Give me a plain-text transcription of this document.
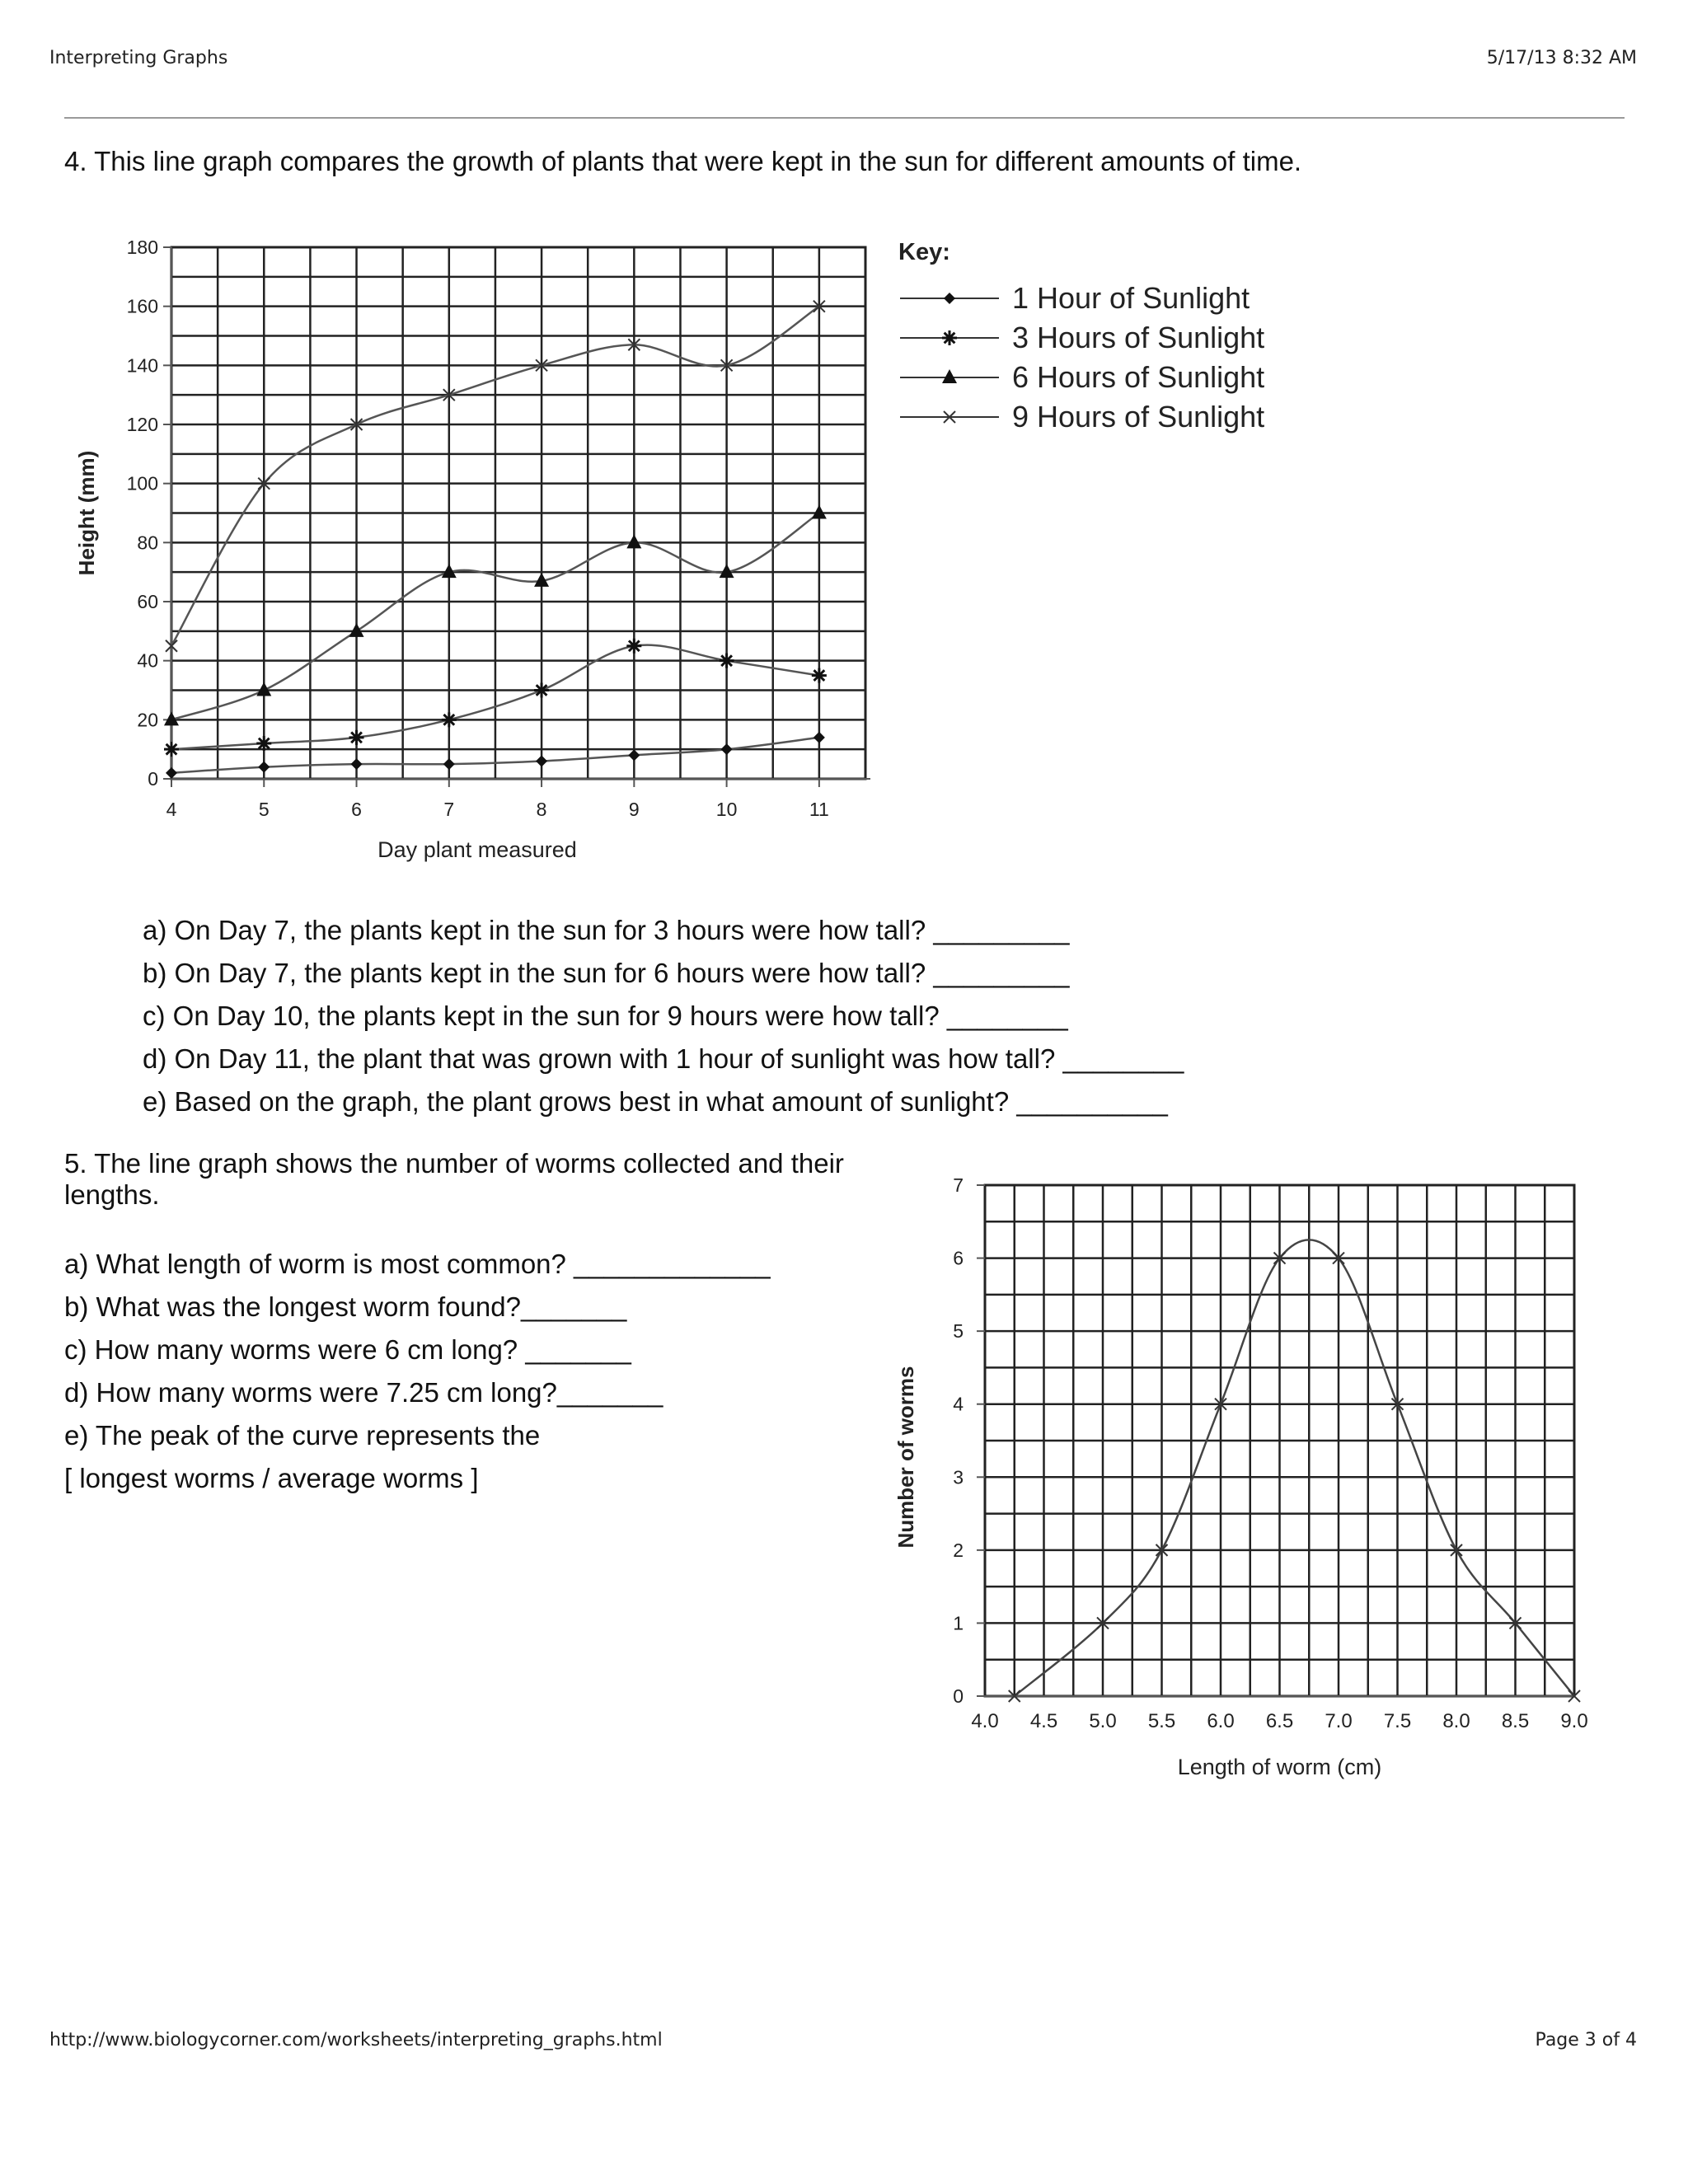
Interpreting Graphs	5/17/13 8:32 AM
4. This line graph compares the growth of plants that were kept in the sun for different amounts of time.
0
20
40
60
80
100
120
140
160
180
4	5	6	7	8	9	10	11
Day plant measured
Height (mm)
Key:
1 Hour of Sunlight
3 Hours of Sunlight
6 Hours of Sunlight
9 Hours of Sunlight
a) On Day 7, the plants kept in the sun for 3 hours were how tall? _________
b) On Day 7, the plants kept in the sun for 6 hours were how tall? _________
c) On Day 10, the plants kept in the sun for 9 hours were how tall? ________
d) On Day 11, the plant that was grown with 1 hour of sunlight was how tall? ________
e) Based on the graph, the plant grows best in what amount of sunlight? __________
5. The line graph shows the number of worms collected and their
lengths.
a) What length of worm is most common? _____________
b) What was the longest worm found?_______
c) How many worms were 6 cm long? _______
d) How many worms were 7.25 cm long?_______
e) The peak of the curve represents the
[ longest worms / average worms ]
0
1
2
3
4
5
6
7
4.0 4.5 5.0 5.5 6.0 6.5 7.0 7.5 8.0 8.5 9.0
Length of worm (cm)
Number of worms
http://www.biologycorner.com/worksheets/interpreting_graphs.html	Page 3 of 4
